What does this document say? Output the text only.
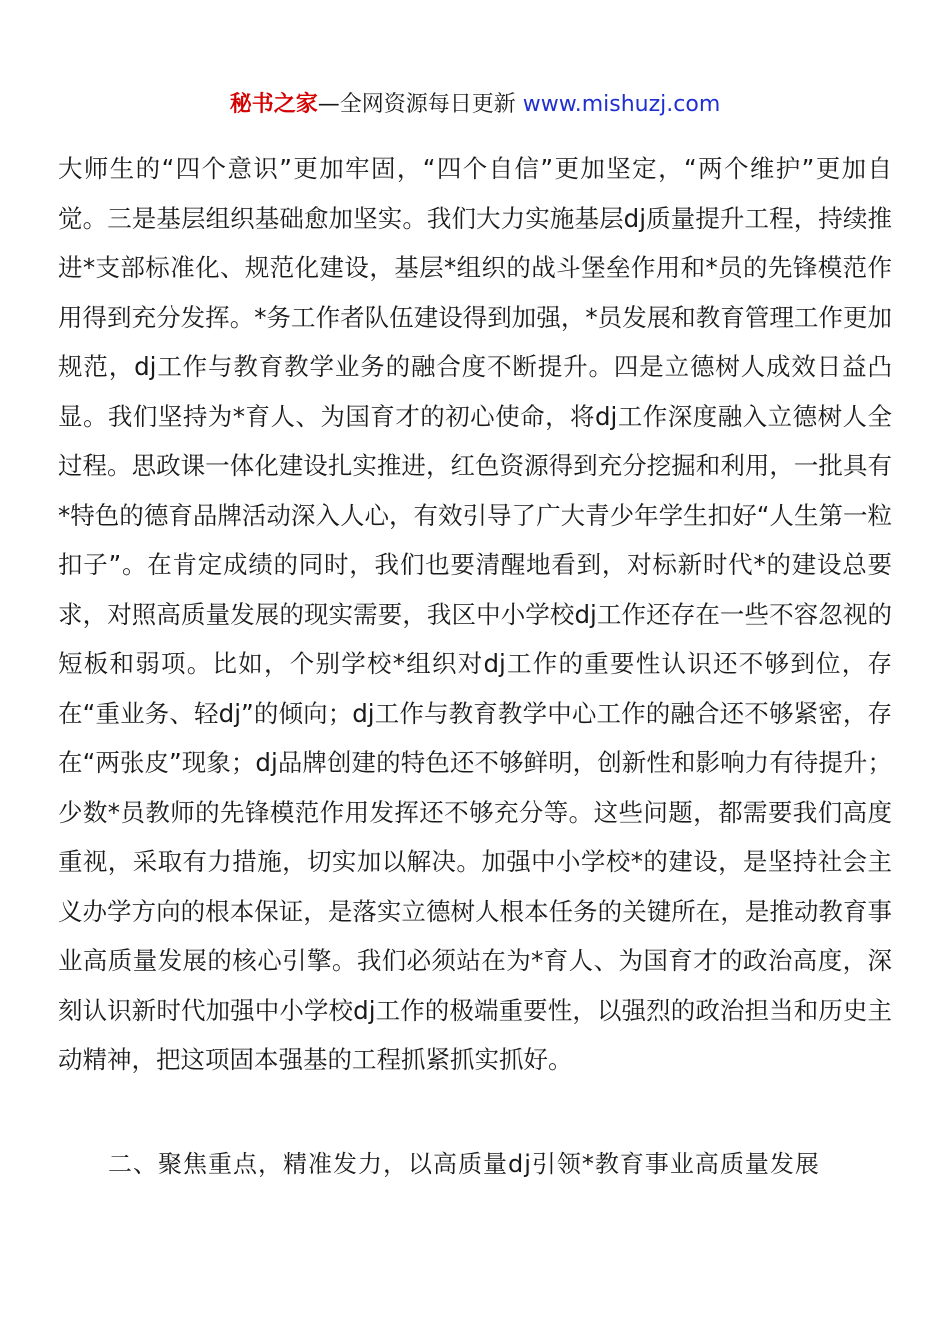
秘书之家—全网资源每日更新 www.mishuzj.com

大师生的“四个意识”更加牢固，“四个自信”更加坚定，“两个维护”更加自觉。三是基层组织基础愈加坚实。我们大力实施基层dj质量提升工程，持续推进*支部标准化、规范化建设，基层*组织的战斗堡垒作用和*员的先锋模范作用得到充分发挥。*务工作者队伍建设得到加强，*员发展和教育管理工作更加规范，dj工作与教育教学业务的融合度不断提升。四是立德树人成效日益凸显。我们坚持为*育人、为国育才的初心使命，将dj工作深度融入立德树人全过程。思政课一体化建设扎实推进，红色资源得到充分挖掘和利用，一批具有*特色的德育品牌活动深入人心，有效引导了广大青少年学生扣好“人生第一粒扣子”。在肯定成绩的同时，我们也要清醒地看到，对标新时代*的建设总要求，对照高质量发展的现实需要，我区中小学校dj工作还存在一些不容忽视的短板和弱项。比如，个别学校*组织对dj工作的重要性认识还不够到位，存在“重业务、轻dj”的倾向；dj工作与教育教学中心工作的融合还不够紧密，存在“两张皮”现象；dj品牌创建的特色还不够鲜明，创新性和影响力有待提升；少数*员教师的先锋模范作用发挥还不够充分等。这些问题，都需要我们高度重视，采取有力措施，切实加以解决。加强中小学校*的建设，是坚持社会主义办学方向的根本保证，是落实立德树人根本任务的关键所在，是推动教育事业高质量发展的核心引擎。我们必须站在为*育人、为国育才的政治高度，深刻认识新时代加强中小学校dj工作的极端重要性，以强烈的政治担当和历史主动精神，把这项固本强基的工程抓紧抓实抓好。

二、聚焦重点，精准发力，以高质量dj引领*教育事业高质量发展
